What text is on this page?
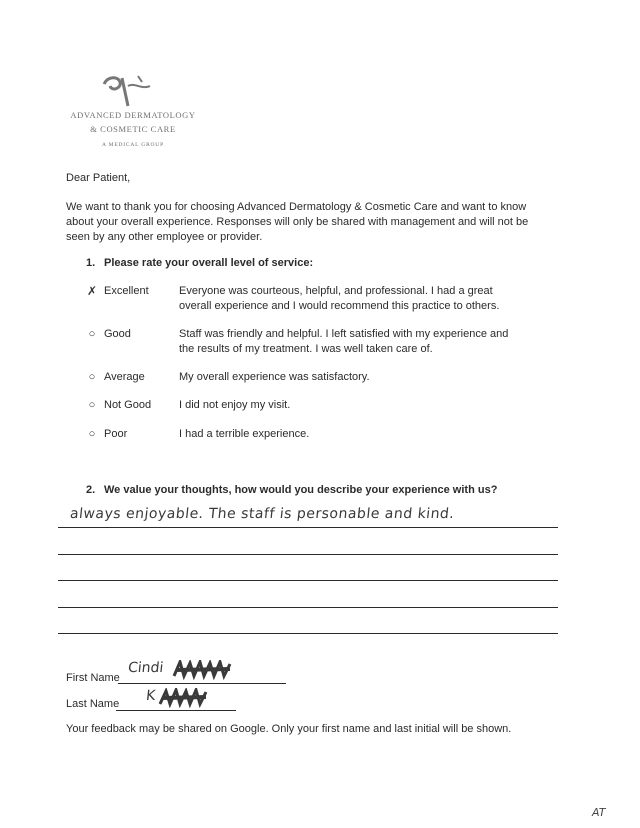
ADVANCED DERMATOLOGY
& COSMETIC CARE
A MEDICAL GROUP
Dear Patient,
We want to thank you for choosing Advanced Dermatology & Cosmetic Care and want to know about your overall experience. Responses will only be shared with management and will not be seen by any other employee or provider.
1. Please rate your overall level of service:
✗ Excellent	Everyone was courteous, helpful, and professional. I had a great overall experience and I would recommend this practice to others.
○ Good	Staff was friendly and helpful. I left satisfied with my experience and the results of my treatment. I was well taken care of.
○ Average	My overall experience was satisfactory.
○ Not Good	I did not enjoy my visit.
○ Poor	I had a terrible experience.
2. We value your thoughts, how would you describe your experience with us?
always enjoyable. The staff is personable and kind.
First Name
Cindi
Last Name K
Your feedback may be shared on Google. Only your first name and last initial will be shown.
AT
